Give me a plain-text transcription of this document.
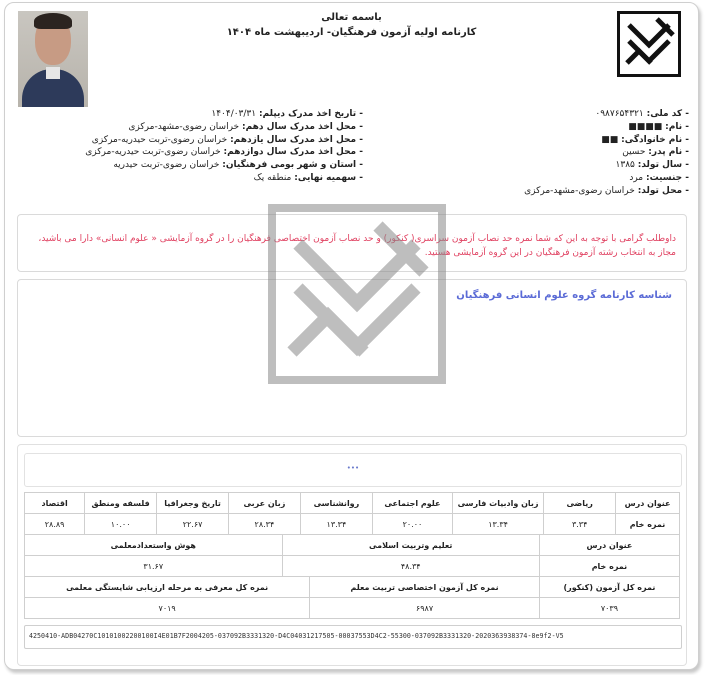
باسمه تعالی
کارنامه اولیه آزمون فرهنگیان- اردیبهشت ماه ۱۴۰۴
- کد ملی: ۰۹۸۷۶۵۴۳۲۱
- نام: ■■■■
- نام خانوادگی: ■■
- نام پدر: حسین
- سال تولد: ۱۳۸۵
- جنسیت: مرد
- محل تولد: خراسان رضوی-مشهد-مرکزی
- تاریخ اخذ مدرک دیپلم: ۱۴۰۴/۰۳/۳۱
- محل اخذ مدرک سال دهم: خراسان رضوی-مشهد-مرکزی
- محل اخذ مدرک سال یازدهم: خراسان رضوی-تربت حیدریه-مرکزی
- محل اخذ مدرک سال دوازدهم: خراسان رضوی-تربت حیدریه-مرکزی
- استان و شهر بومی فرهنگیان: خراسان رضوی-تربت حیدریه
- سهمیه نهایی: منطقه یک
داوطلب گرامی با توجه به این که شما نمره حد نصاب آزمون سراسری( کنکور) و حد نصاب آزمون اختصاصی فرهنگیان را در گروه آزمایشی « علوم انسانی» دارا می باشید، مجاز به انتخاب رشته آزمون فرهنگیان در این گروه آزمایشی هستید.
شناسه کارنامه گروه علوم انسانی فرهنگیان
•••
عنوان درس	ریاضی	زبان وادبیات فارسی	علوم اجتماعی	روانشناسی	زبان عربی	تاریخ وجغرافیا	فلسفه ومنطق	اقتصاد
نمره خام	۳.۳۴	۱۳.۳۴	۲۰.۰۰	۱۳.۳۴	۲۸.۳۴	۲۲.۶۷	۱۰.۰۰	۲۸.۸۹
عنوان درس	تعلیم وتربیت اسلامی	هوش واستعدادمعلمی
نمره خام	۴۸.۳۴	۳۱.۶۷
نمره کل آزمون (کنکور)	نمره کل آزمون اختصاصی تربیت معلم	نمره کل معرفی به مرحله ارزیابی شایستگی معلمی
۷۰۳۹	۶۹۸۷	۷۰۱۹
4250410-ADB04270C10101002200100I4E01B7F2004205-037092B3331320-D4C04031217505-00037553D4C2-55300-037092B3331320-2020363938374-8e9f2-V5
